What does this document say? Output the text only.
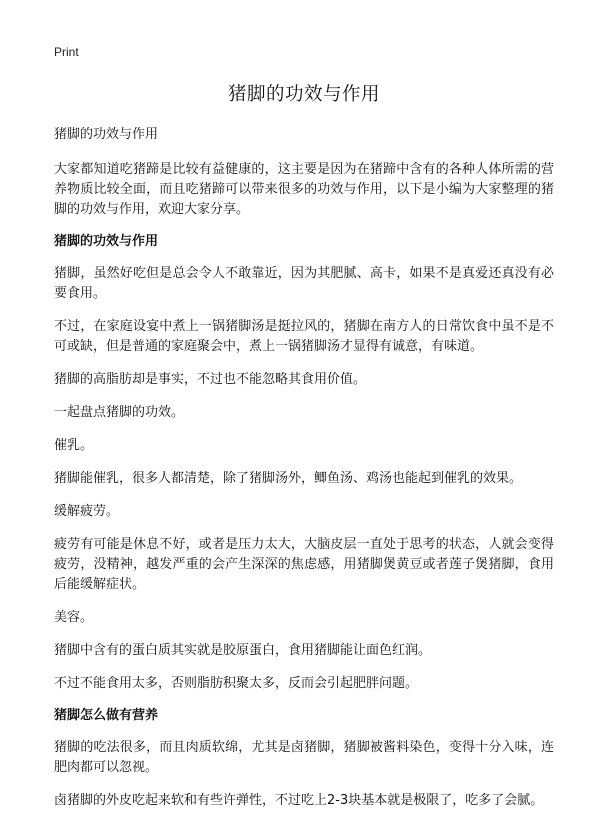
Print
猪脚的功效与作用
猪脚的功效与作用

大家都知道吃猪蹄是比较有益健康的，这主要是因为在猪蹄中含有的各种人体所需的营养物质比较全面，而且吃猪蹄可以带来很多的功效与作用，以下是小编为大家整理的猪脚的功效与作用，欢迎大家分享。

猪脚的功效与作用

猪脚，虽然好吃但是总会令人不敢靠近，因为其肥腻、高卡，如果不是真爱还真没有必要食用。

不过，在家庭设宴中煮上一锅猪脚汤是挺拉风的，猪脚在南方人的日常饮食中虽不是不可或缺，但是普通的家庭聚会中，煮上一锅猪脚汤才显得有诚意，有味道。

猪脚的高脂肪却是事实，不过也不能忽略其食用价值。

一起盘点猪脚的功效。

催乳。

猪脚能催乳，很多人都清楚，除了猪脚汤外，鲫鱼汤、鸡汤也能起到催乳的效果。

缓解疲劳。

疲劳有可能是休息不好，或者是压力太大，大脑皮层一直处于思考的状态，人就会变得疲劳，没精神，越发严重的会产生深深的焦虑感，用猪脚煲黄豆或者莲子煲猪脚，食用后能缓解症状。

美容。

猪脚中含有的蛋白质其实就是胶原蛋白，食用猪脚能让面色红润。

不过不能食用太多，否则脂肪积聚太多，反而会引起肥胖问题。

猪脚怎么做有营养

猪脚的吃法很多，而且肉质软绵，尤其是卤猪脚，猪脚被酱料染色，变得十分入味，连肥肉都可以忽视。

卤猪脚的外皮吃起来软和有些许弹性，不过吃上2-3块基本就是极限了，吃多了会腻。
